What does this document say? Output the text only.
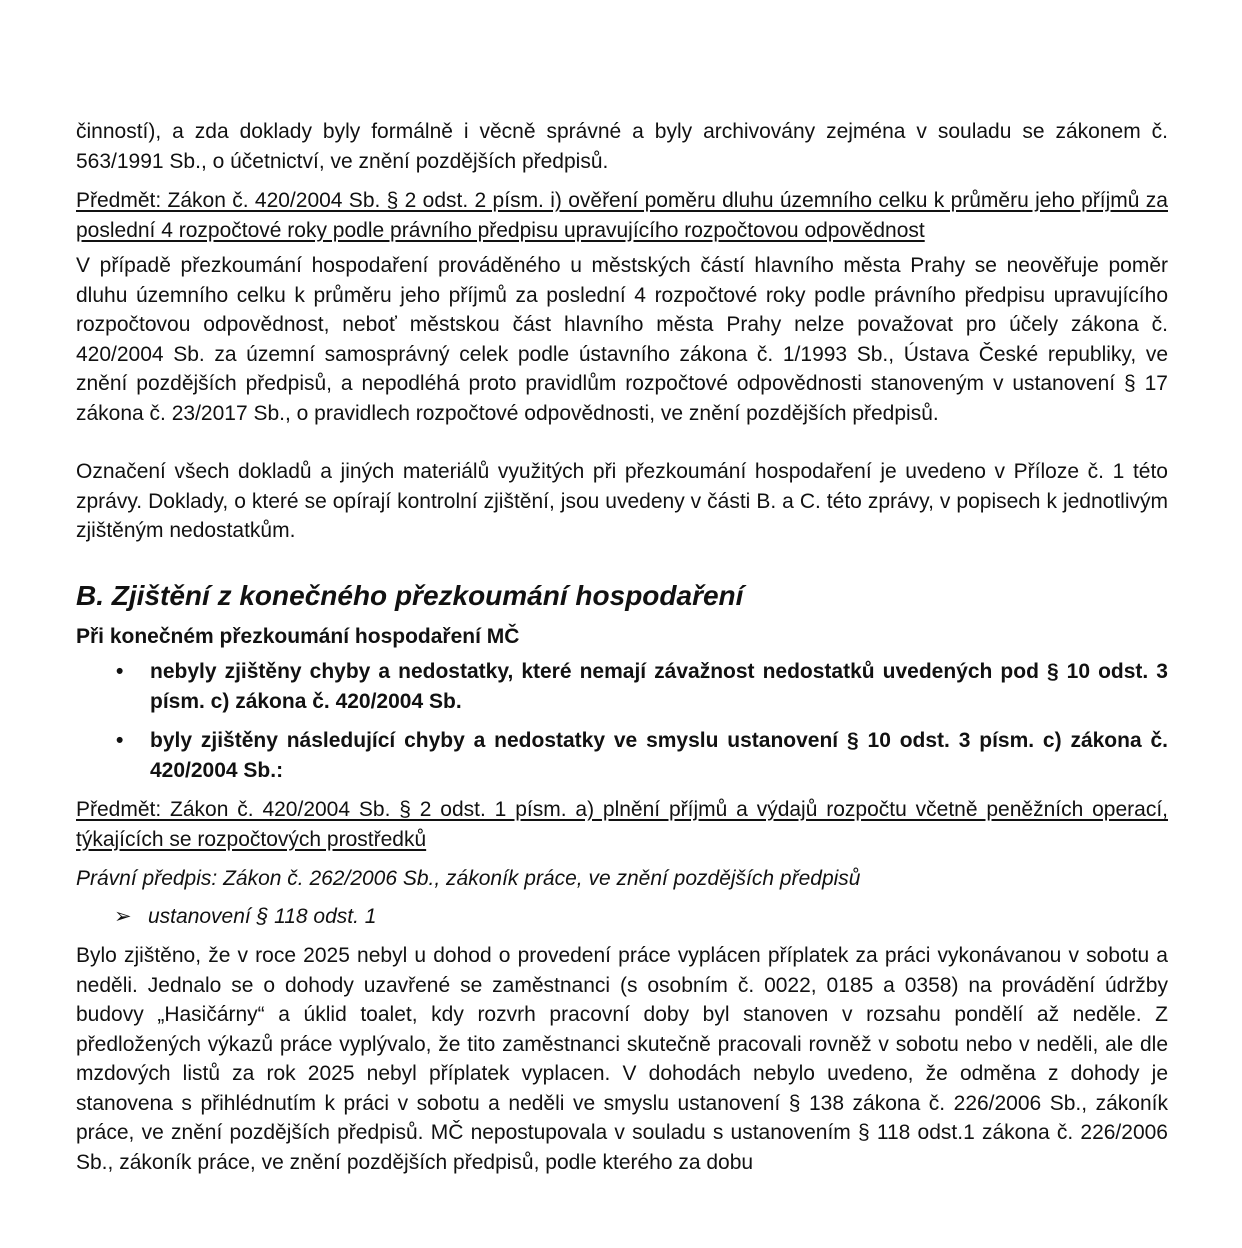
činností), a zda doklady byly formálně i věcně správné a byly archivovány zejména v souladu se zákonem č. 563/1991 Sb., o účetnictví, ve znění pozdějších předpisů.

Předmět: Zákon č. 420/2004 Sb. § 2 odst. 2 písm. i) ověření poměru dluhu územního celku k průměru jeho příjmů za poslední 4 rozpočtové roky podle právního předpisu upravujícího rozpočtovou odpovědnost

V případě přezkoumání hospodaření prováděného u městských částí hlavního města Prahy se neověřuje poměr dluhu územního celku k průměru jeho příjmů za poslední 4 rozpočtové roky podle právního předpisu upravujícího rozpočtovou odpovědnost, neboť městskou část hlavního města Prahy nelze považovat pro účely zákona č. 420/2004 Sb. za územní samosprávný celek podle ústavního zákona č. 1/1993 Sb., Ústava České republiky, ve znění pozdějších předpisů, a nepodléhá proto pravidlům rozpočtové odpovědnosti stanoveným v ustanovení § 17 zákona č. 23/2017 Sb., o pravidlech rozpočtové odpovědnosti, ve znění pozdějších předpisů.

Označení všech dokladů a jiných materiálů využitých při přezkoumání hospodaření je uvedeno v Příloze č. 1 této zprávy. Doklady, o které se opírají kontrolní zjištění, jsou uvedeny v části B. a C. této zprávy, v popisech k jednotlivým zjištěným nedostatkům.

B. Zjištění z konečného přezkoumání hospodaření

Při konečném přezkoumání hospodaření MČ

• nebyly zjištěny chyby a nedostatky, které nemají závažnost nedostatků uvedených pod § 10 odst. 3 písm. c) zákona č. 420/2004 Sb.
• byly zjištěny následující chyby a nedostatky ve smyslu ustanovení § 10 odst. 3 písm. c) zákona č. 420/2004 Sb.:

Předmět: Zákon č. 420/2004 Sb. § 2 odst. 1 písm. a) plnění příjmů a výdajů rozpočtu včetně peněžních operací, týkajících se rozpočtových prostředků

Právní předpis: Zákon č. 262/2006 Sb., zákoník práce, ve znění pozdějších předpisů

➢ ustanovení § 118 odst. 1

Bylo zjištěno, že v roce 2025 nebyl u dohod o provedení práce vyplácen příplatek za práci vykonávanou v sobotu a neděli. Jednalo se o dohody uzavřené se zaměstnanci (s osobním č. 0022, 0185 a 0358) na provádění údržby budovy „Hasičárny“ a úklid toalet, kdy rozvrh pracovní doby byl stanoven v rozsahu pondělí až neděle. Z předložených výkazů práce vyplývalo, že tito zaměstnanci skutečně pracovali rovněž v sobotu nebo v neděli, ale dle mzdových listů za rok 2025 nebyl příplatek vyplacen. V dohodách nebylo uvedeno, že odměna z dohody je stanovena s přihlédnutím k práci v sobotu a neděli ve smyslu ustanovení § 138 zákona č. 226/2006 Sb., zákoník práce, ve znění pozdějších předpisů. MČ nepostupovala v souladu s ustanovením § 118 odst.1 zákona č. 226/2006 Sb., zákoník práce, ve znění pozdějších předpisů, podle kterého za dobu
